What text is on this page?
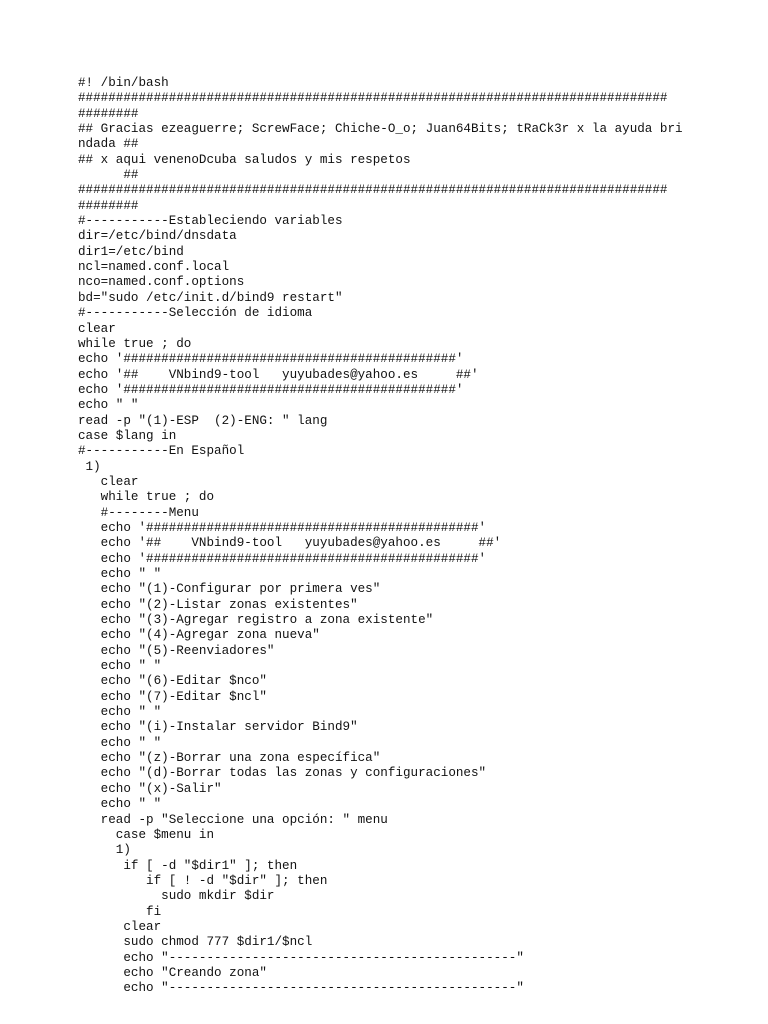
#! /bin/bash
##############################################################################
########
## Gracias ezeaguerre; ScrewFace; Chiche-O_o; Juan64Bits; tRaCk3r x la ayuda bri
ndada ##
## x aqui venenoDcuba saludos y mis respetos
##
##############################################################################
########
#-----------Estableciendo variables
dir=/etc/bind/dnsdata
dir1=/etc/bind
ncl=named.conf.local
nco=named.conf.options
bd="sudo /etc/init.d/bind9 restart"
#-----------Selección de idioma
clear
while true ; do
echo '############################################'
echo '##    VNbind9-tool   yuyubades@yahoo.es     ##'
echo '############################################'
echo " "
read -p "(1)-ESP  (2)-ENG: " lang
case $lang in
#-----------En Español
1)
clear
while true ; do
#--------Menu
echo '############################################'
echo '##    VNbind9-tool   yuyubades@yahoo.es     ##'
echo '############################################'
echo " "
echo "(1)-Configurar por primera ves"
echo "(2)-Listar zonas existentes"
echo "(3)-Agregar registro a zona existente"
echo "(4)-Agregar zona nueva"
echo "(5)-Reenviadores"
echo " "
echo "(6)-Editar $nco"
echo "(7)-Editar $ncl"
echo " "
echo "(i)-Instalar servidor Bind9"
echo " "
echo "(z)-Borrar una zona específica"
echo "(d)-Borrar todas las zonas y configuraciones"
echo "(x)-Salir"
echo " "
read -p "Seleccione una opción: " menu
case $menu in
1)
if [ -d "$dir1" ]; then
if [ ! -d "$dir" ]; then
sudo mkdir $dir
fi
clear
sudo chmod 777 $dir1/$ncl
echo "----------------------------------------------"
echo "Creando zona"
echo "----------------------------------------------"
